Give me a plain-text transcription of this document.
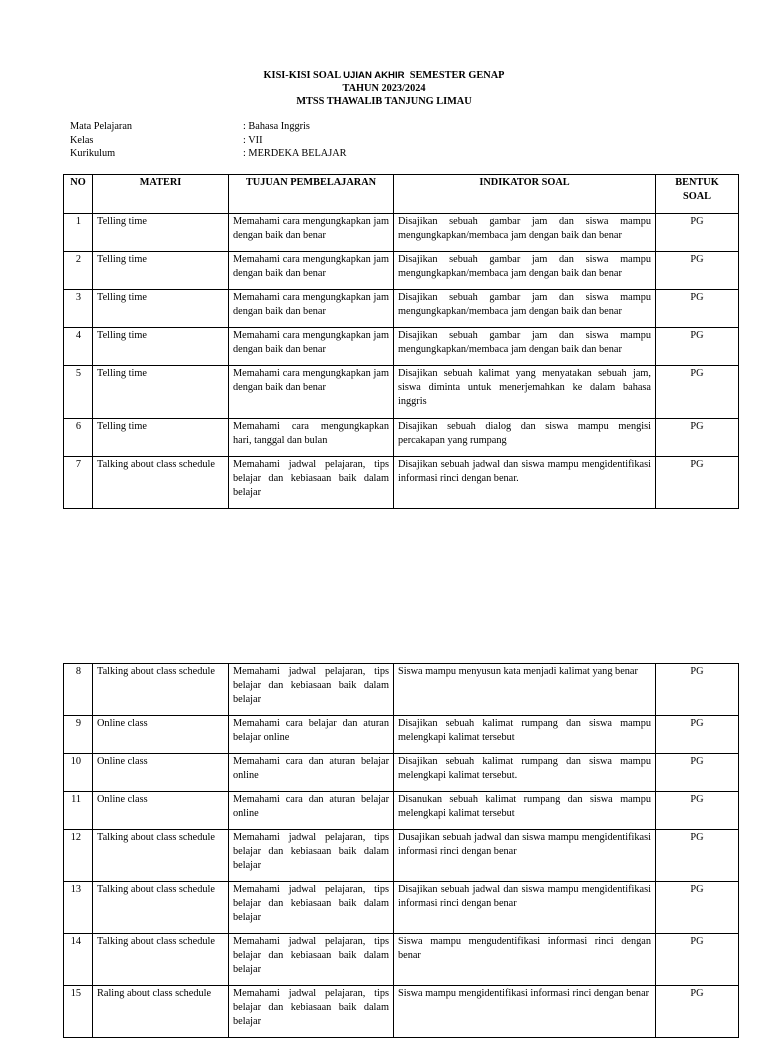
KISI-KISI SOAL UJIAN AKHIR  SEMESTER GENAP
TAHUN 2023/2024
MTSS THAWALIB TANJUNG LIMAU
Mata Pelajaran	: Bahasa Inggris
Kelas	: VII
Kurikulum	: MERDEKA BELAJAR
NO	MATERI	TUJUAN PEMBELAJARAN	INDIKATOR SOAL	BENTUK SOAL
1	Telling time	Memahami cara mengungkapkan jam dengan baik dan benar	Disajikan sebuah gambar jam dan siswa mampu mengungkapkan/membaca jam dengan baik dan benar	PG
2	Telling time	Memahami cara mengungkapkan jam dengan baik dan benar	Disajikan sebuah gambar jam dan siswa mampu mengungkapkan/membaca jam dengan baik dan benar	PG
3	Telling time	Memahami cara mengungkapkan jam dengan baik dan benar	Disajikan sebuah gambar jam dan siswa mampu mengungkapkan/membaca jam dengan baik dan benar	PG
4	Telling time	Memahami cara mengungkapkan jam dengan baik dan benar	Disajikan sebuah gambar jam dan siswa mampu mengungkapkan/membaca jam dengan baik dan benar	PG
5	Telling time	Memahami cara mengungkapkan jam dengan baik dan benar	Disajikan sebuah kalimat yang menyatakan sebuah jam, siswa diminta untuk menerjemahkan ke dalam bahasa inggris	PG
6	Telling time	Memahami cara mengungkapkan hari, tanggal dan bulan	Disajikan sebuah dialog dan siswa mampu mengisi percakapan yang rumpang	PG
7	Talking about class schedule	Memahami jadwal pelajaran, tips belajar dan kebiasaan baik dalam belajar	Disajikan sebuah jadwal dan siswa mampu mengidentifikasi informasi rinci dengan benar.	PG
8	Talking about class schedule	Memahami jadwal pelajaran, tips belajar dan kebiasaan baik dalam belajar	Siswa mampu menyusun kata menjadi kalimat yang benar	PG
9	Online class	Memahami cara belajar dan aturan belajar online	Disajikan sebuah kalimat rumpang dan siswa mampu melengkapi kalimat tersebut	PG
10	Online class	Memahami cara dan aturan belajar online	Disajikan sebuah kalimat rumpang dan siswa mampu melengkapi kalimat tersebut.	PG
11	Online class	Memahami cara dan aturan belajar online	Disanukan sebuah kalimat rumpang dan siswa mampu melengkapi kalimat tersebut	PG
12	Talking about class schedule	Memahami jadwal pelajaran, tips belajar dan kebiasaan baik dalam belajar	Dusajikan sebuah jadwal dan siswa mampu mengidentifikasi informasi rinci dengan benar	PG
13	Talking about class schedule	Memahami jadwal pelajaran, tips belajar dan kebiasaan baik dalam belajar	Disajikan sebuah jadwal dan siswa mampu mengidentifikasi informasi rinci dengan benar	PG
14	Talking about class schedule	Memahami jadwal pelajaran, tips belajar dan kebiasaan baik dalam belajar	Siswa mampu mengudentifikasi informasi rinci dengan benar	PG
15	Raling about class schedule	Memahami jadwal pelajaran, tips belajar dan kebiasaan baik dalam belajar	Siswa mampu mengidentifikasi informasi rinci dengan benar	PG
